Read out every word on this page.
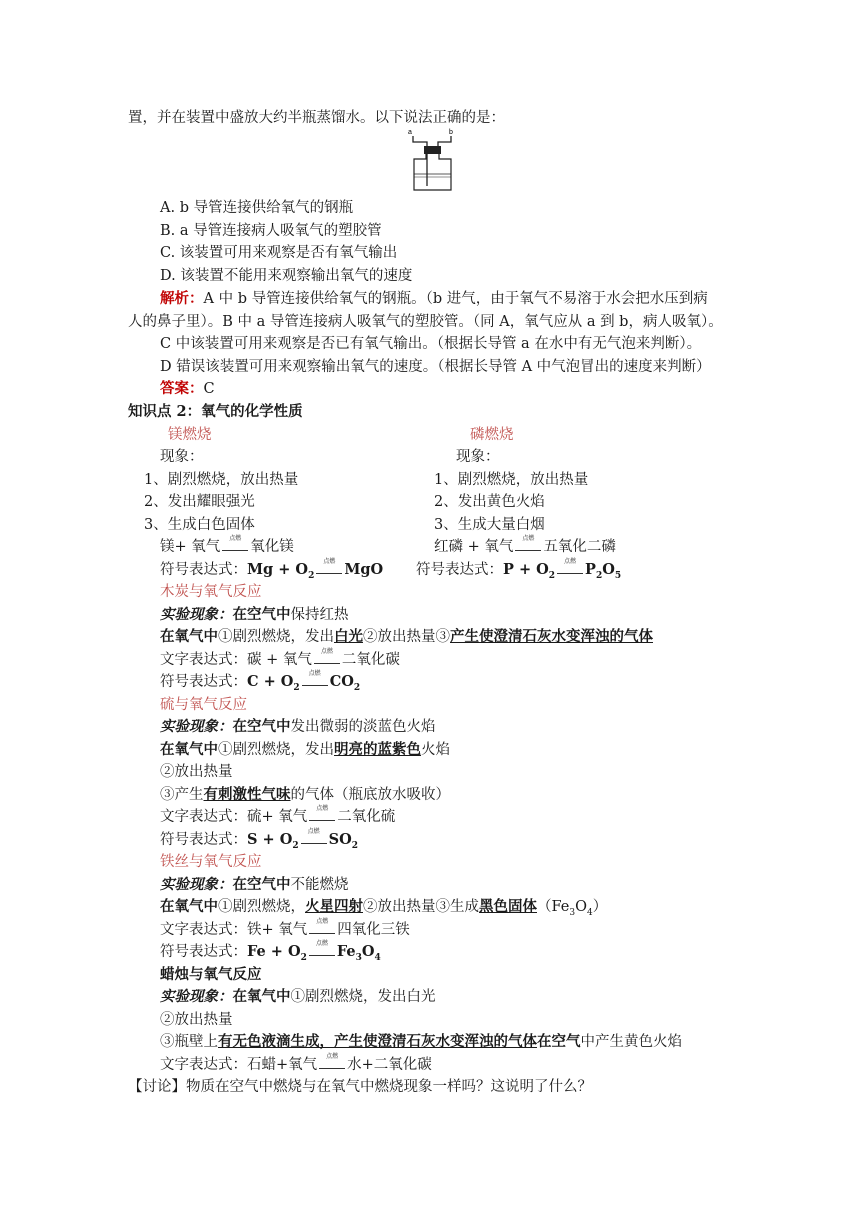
置，并在装置中盛放大约半瓶蒸馏水。以下说法正确的是：
a	b
A. b 导管连接供给氧气的钢瓶
B. a 导管连接病人吸氧气的塑胶管
C. 该装置可用来观察是否有氧气输出
D. 该装置不能用来观察输出氧气的速度
解析：A 中 b 导管连接供给氧气的钢瓶。（b 进气，由于氧气不易溶于水会把水压到病
人的鼻子里）。B 中 a 导管连接病人吸氧气的塑胶管。（同 A，氧气应从 a 到 b，病人吸氧）。
C 中该装置可用来观察是否已有氧气输出。（根据长导管 a 在水中有无气泡来判断）。
D 错误该装置可用来观察输出氧气的速度。（根据长导管 A 中气泡冒出的速度来判断）
答案：C
知识点 2：氧气的化学性质
镁燃烧
现象：
1、剧烈燃烧，放出热量
2、发出耀眼强光
3、生成白色固体
镁+ 氧气
点燃
氧化镁
符号表达式：$Mg + O_2$
点燃 MgO
磷燃烧
现象：
1、剧烈燃烧，放出热量
2、发出黄色火焰
3、生成大量白烟
红磷 + 氧气
点燃
五氧化二磷
符号表达式：$P + O_2$
点燃 $P_2O_5$
木炭与氧气反应
实验现象：在空气中保持红热
在氧气中①剧烈燃烧，发出白光②放出热量③产生使澄清石灰水变浑浊的气体
文字表达式：碳 + 氧气
点燃
二氧化碳
符号表达式：$C + O_2$
点燃 $CO_2$
硫与氧气反应
实验现象：在空气中发出微弱的淡蓝色火焰
在氧气中①剧烈燃烧，发出明亮的蓝紫色火焰
②放出热量
③产生有刺激性气味的气体（瓶底放水吸收）
文字表达式：硫+ 氧气
点燃
二氧化硫
符号表达式：$S + O_2$
点燃 $SO_2$
铁丝与氧气反应
实验现象：在空气中不能燃烧
在氧气中①剧烈燃烧，火星四射②放出热量③生成黑色固体$(Fe_3O_4)$
文字表达式：铁+ 氧气
点燃
四氧化三铁
符号表达式：$Fe + O_2$
点燃 $Fe_3O_4$
蜡烛与氧气反应
实验现象：在氧气中①剧烈燃烧，发出白光
②放出热量
③瓶壁上有无色液滴生成，产生使澄清石灰水变浑浊的气体在空气中产生黄色火焰
文字表达式：石蜡+氧气
点燃
水+二氧化碳
【讨论】物质在空气中燃烧与在氧气中燃烧现象一样吗？这说明了什么？
